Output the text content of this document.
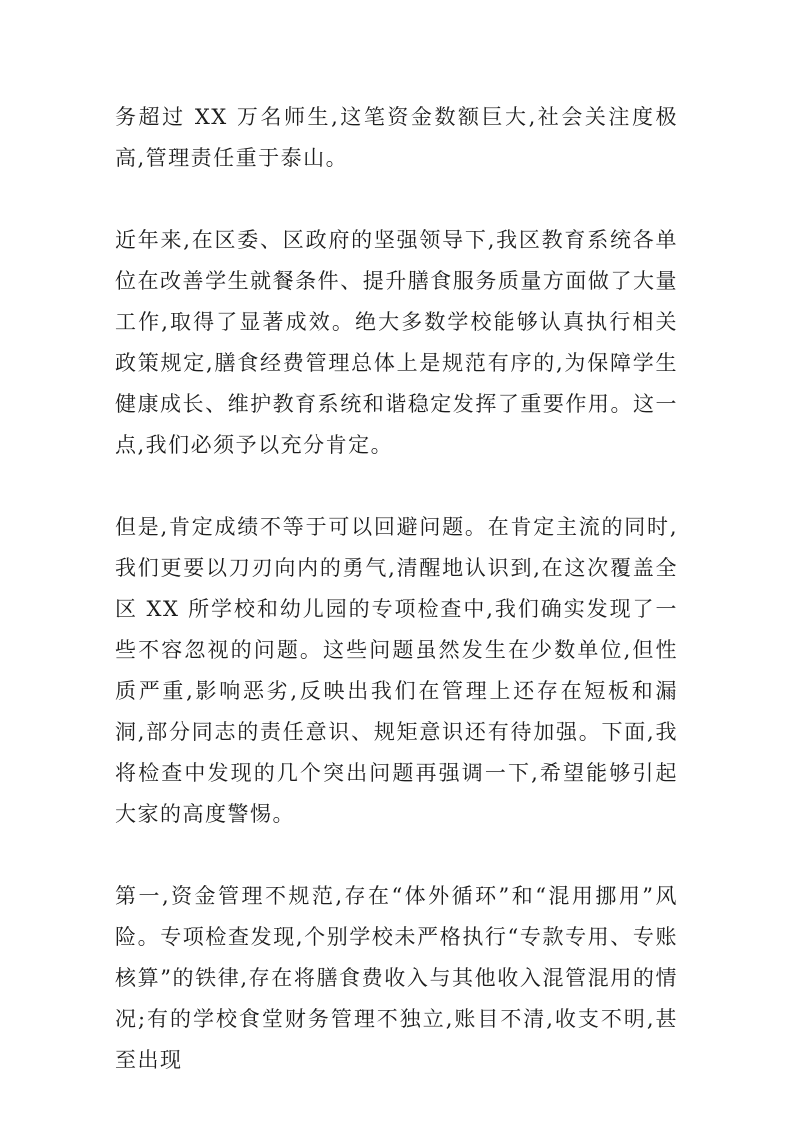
务超过 XX 万名师生,这笔资金数额巨大,社会关注度极高,管理责任重于泰山。

近年来,在区委、区政府的坚强领导下,我区教育系统各单位在改善学生就餐条件、提升膳食服务质量方面做了大量工作,取得了显著成效。绝大多数学校能够认真执行相关政策规定,膳食经费管理总体上是规范有序的,为保障学生健康成长、维护教育系统和谐稳定发挥了重要作用。这一点,我们必须予以充分肯定。

但是,肯定成绩不等于可以回避问题。在肯定主流的同时,我们更要以刀刃向内的勇气,清醒地认识到,在这次覆盖全区 XX 所学校和幼儿园的专项检查中,我们确实发现了一些不容忽视的问题。这些问题虽然发生在少数单位,但性质严重,影响恶劣,反映出我们在管理上还存在短板和漏洞,部分同志的责任意识、规矩意识还有待加强。下面,我将检查中发现的几个突出问题再强调一下,希望能够引起大家的高度警惕。

第一,资金管理不规范,存在“体外循环”和“混用挪用”风险。专项检查发现,个别学校未严格执行“专款专用、专账核算”的铁律,存在将膳食费收入与其他收入混管混用的情况;有的学校食堂财务管理不独立,账目不清,收支不明,甚至出现
